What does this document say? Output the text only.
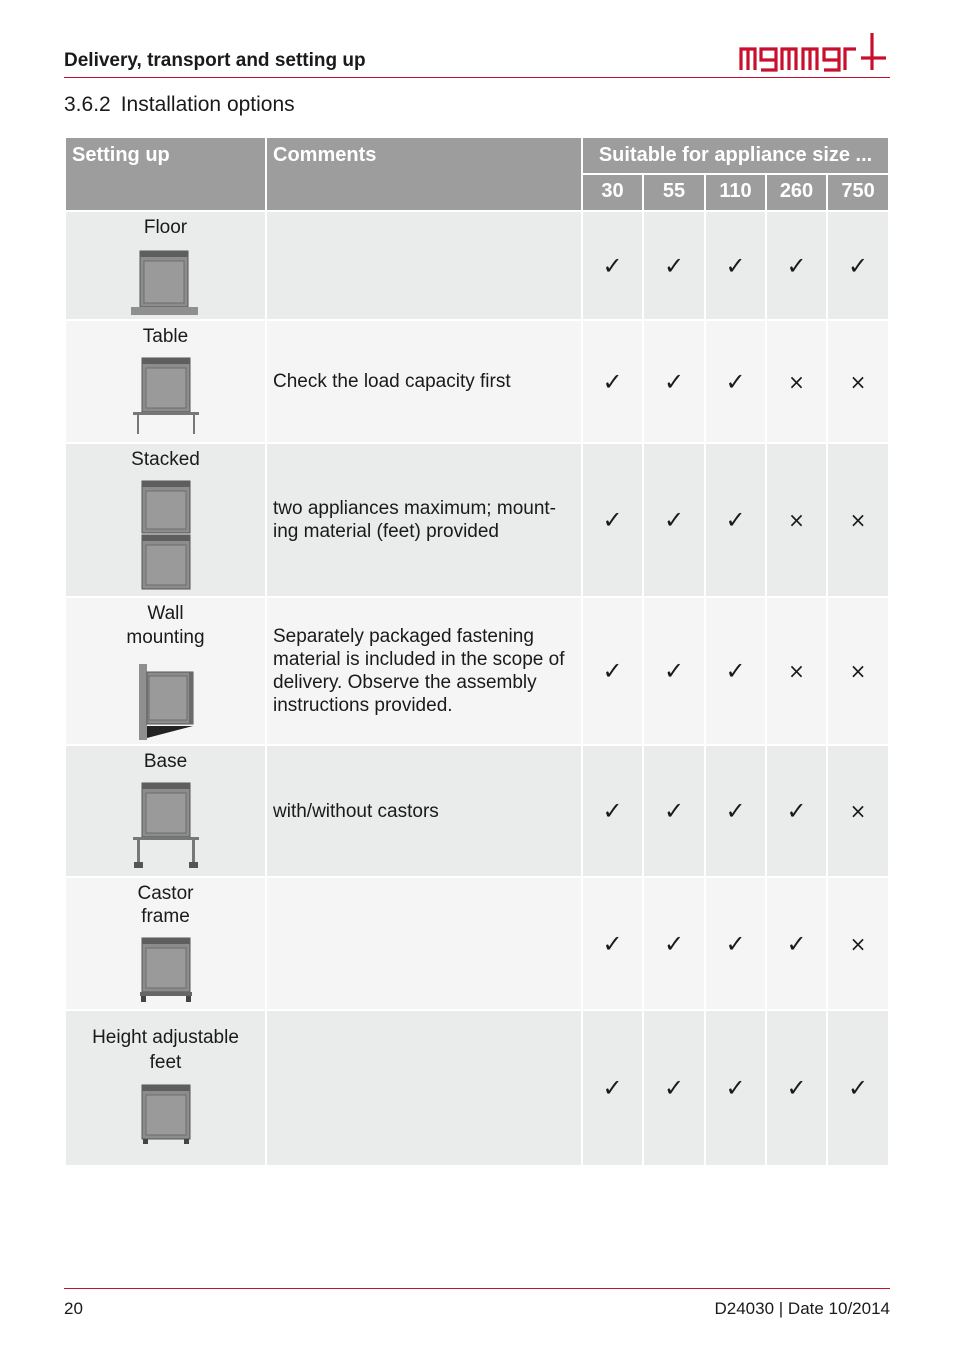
Delivery, transport and setting up
3.6.2 Installation options
Setting up	Comments	Suitable for appliance size ...				
		30	55	110	260	750

Floor		✓	✓	✓	✓	✓

Table	Check the load capacity first	✓	✓	✓	×	×

Stacked	two appliances maximum; mount-ing material (feet) provided	✓	✓	✓	×	×

Wall mounting	Separately packaged fastening material is included in the scope of delivery. Observe the assembly instructions provided.	✓	✓	✓	×	×

Base	with/without castors	✓	✓	✓	✓	×

Castor frame		✓	✓	✓	✓	×

Height adjustable feet		✓	✓	✓	✓	✓
20	D24030 | Date 10/2014
